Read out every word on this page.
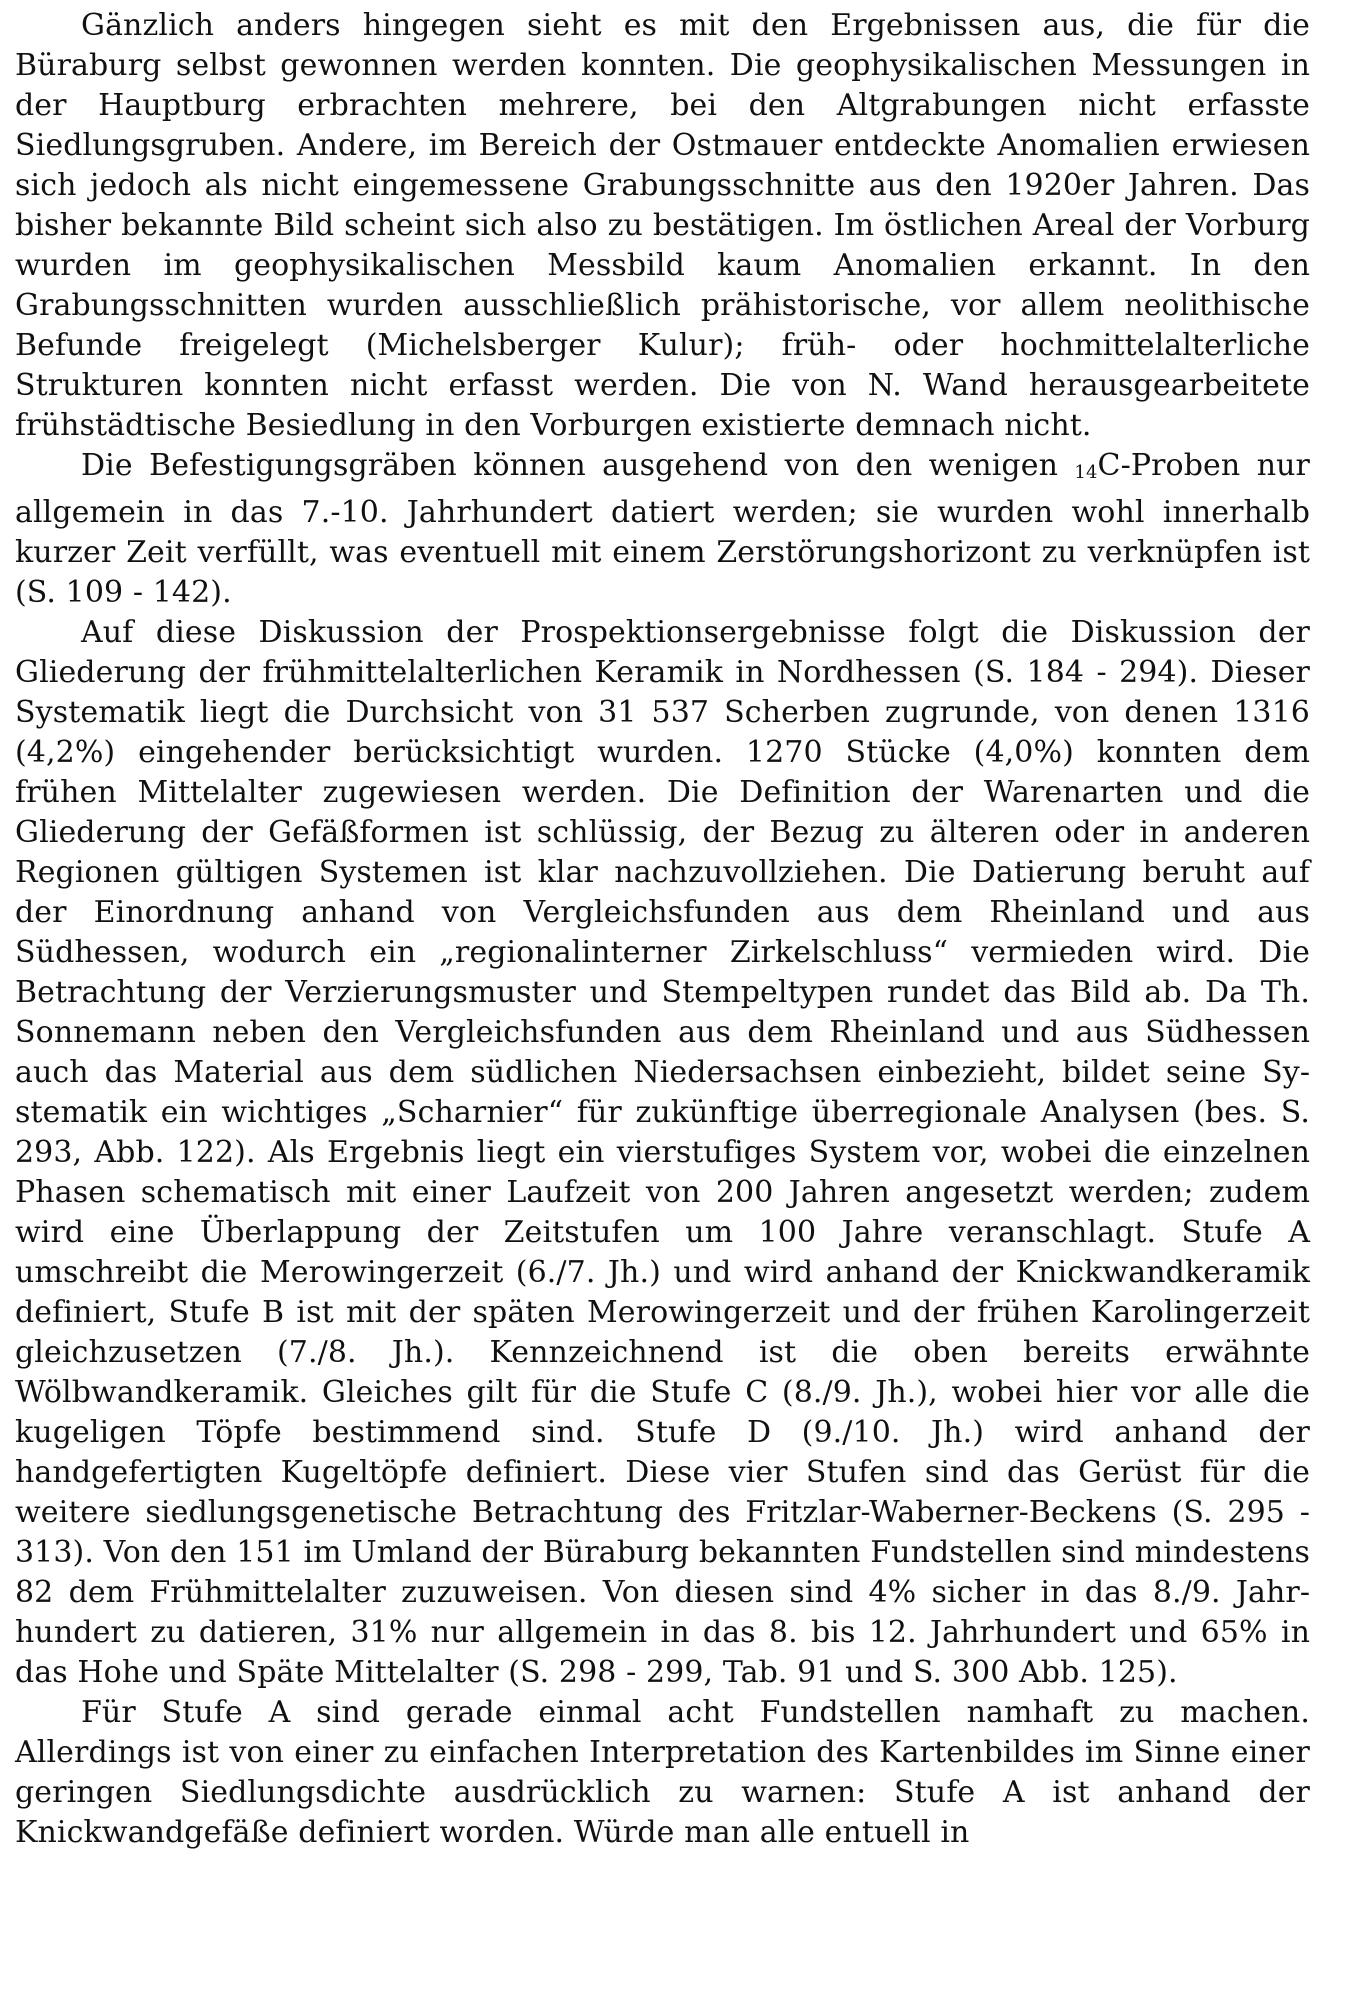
Gänzlich anders hingegen sieht es mit den Ergebnissen aus, die für die Büraburg selbst gewonnen werden konnten. Die geophysikalischen Messungen in der Hauptburg erbrachten mehrere, bei den Altgrabungen nicht erfasste Siedlungsgruben. Andere, im Bereich der Ostmauer entdeckte Anomalien erwiesen sich jedoch als nicht eingemessene Grabungsschnitte aus den 1920er Jahren. Das bisher bekannte Bild scheint sich also zu bestätigen. Im östlichen Areal der Vorburg wurden im geophysikalischen Messbild kaum Anomalien erkannt. In den Grabungsschnitten wurden ausschließlich prähistorische, vor allem neolithische Befunde freigelegt (Michelsberger Kulur); früh- oder hochmittelalterliche Strukturen konnten nicht erfasst werden. Die von N. Wand herausgearbeitete frühstädtische Besiedlung in den Vorburgen existierte demnach nicht.

Die Befestigungsgräben können ausgehend von den wenigen 14C-Proben nur allgemein in das 7.-10. Jahrhundert datiert werden; sie wurden wohl innerhalb kurzer Zeit verfüllt, was eventuell mit einem Zerstörungshorizont zu verknüpfen ist (S. 109 - 142).

Auf diese Diskussion der Prospektionsergebnisse folgt die Diskussion der Gliederung der frühmittelalterlichen Keramik in Nordhessen (S. 184 - 294). Dieser Systematik liegt die Durchsicht von 31 537 Scherben zugrunde, von denen 1316 (4,2%) eingehender berücksichtigt wurden. 1270 Stücke (4,0%) konnten dem frühen Mittelalter zugewiesen werden. Die Definition der Warenarten und die Gliederung der Gefäßformen ist schlüssig, der Bezug zu älteren oder in anderen Regionen gültigen Systemen ist klar nachzuvollziehen. Die Datierung beruht auf der Einordnung anhand von Vergleichsfunden aus dem Rheinland und aus Südhessen, wodurch ein „regionalinterner Zirkelschluss“ vermieden wird. Die Betrachtung der Verzierungsmuster und Stempeltypen rundet das Bild ab. Da Th. Sonnemann neben den Vergleichsfunden aus dem Rheinland und aus Südhessen auch das Material aus dem südlichen Niedersachsen einbezieht, bildet seine Systematik ein wichtiges „Scharnier“ für zukünftige überregionale Analysen (bes. S. 293, Abb. 122). Als Ergebnis liegt ein vierstufiges System vor, wobei die einzelnen Phasen schematisch mit einer Laufzeit von 200 Jahren angesetzt werden; zudem wird eine Überlappung der Zeitstufen um 100 Jahre veranschlagt. Stufe A umschreibt die Merowingerzeit (6./7. Jh.) und wird anhand der Knickwandkeramik definiert, Stufe B ist mit der späten Merowingerzeit und der frühen Karolingerzeit gleichzusetzen (7./8. Jh.). Kennzeichnend ist die oben bereits erwähnte Wölbwandkeramik. Gleiches gilt für die Stufe C (8./9. Jh.), wobei hier vor alle die kugeligen Töpfe bestimmend sind. Stufe D (9./10. Jh.) wird anhand der handgefertigten Kugeltöpfe definiert. Diese vier Stufen sind das Gerüst für die weitere siedlungsgenetische Betrachtung des Fritzlar-Waberner-Beckens (S. 295 - 313). Von den 151 im Umland der Büraburg bekannten Fundstellen sind mindestens 82 dem Frühmittelalter zuzuweisen. Von diesen sind 4% sicher in das 8./9. Jahrhundert zu datieren, 31% nur allgemein in das 8. bis 12. Jahrhundert und 65% in das Hohe und Späte Mittelalter (S. 298 - 299, Tab. 91 und S. 300 Abb. 125).

Für Stufe A sind gerade einmal acht Fundstellen namhaft zu machen. Allerdings ist von einer zu einfachen Interpretation des Kartenbildes im Sinne einer geringen Siedlungsdichte ausdrücklich zu warnen: Stufe A ist anhand der Knickwandgefäße definiert worden. Würde man alle entuell in
